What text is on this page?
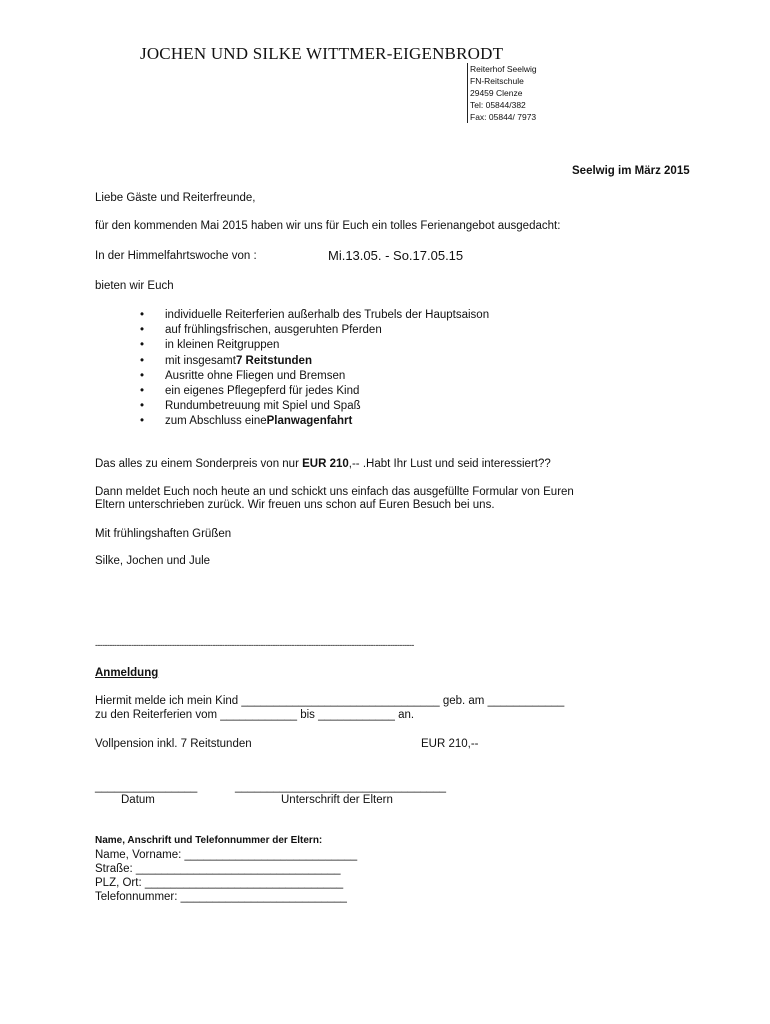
JOCHEN UND SILKE WITTMER-EIGENBRODT
Reiterhof Seelwig
FN-Reitschule
29459 Clenze
Tel: 05844/382
Fax: 05844/ 7973
Seelwig im März 2015
Liebe Gäste und Reiterfreunde,
für den kommenden Mai 2015 haben wir uns für Euch ein tolles Ferienangebot ausgedacht:
In der Himmelfahrtswoche von :	Mi.13.05. - So.17.05.15
bieten wir Euch
•	individuelle Reiterferien außerhalb des Trubels der Hauptsaison
•	auf frühlingsfrischen, ausgeruhten Pferden
•	in kleinen Reitgruppen
•	mit insgesamt 7 Reitstunden
•	Ausritte ohne Fliegen und Bremsen
•	ein eigenes Pflegepferd für jedes Kind
•	Rundumbetreuung mit Spiel und Spaß
•	zum Abschluss eine Planwagenfahrt
Das alles zu einem Sonderpreis von nur EUR 210,-- .Habt Ihr Lust und seid interessiert??
Dann meldet Euch noch heute an und schickt uns einfach das ausgefüllte Formular von Euren
Eltern unterschrieben zurück. Wir freuen uns schon auf Euren Besuch bei uns.
Mit frühlingshaften Grüßen
Silke, Jochen und Jule
-------------------------------------------------------------------------------------------------------------------------------------
Anmeldung
Hiermit melde ich mein Kind _______________________________ geb. am ____________
zu den Reiterferien vom ____________ bis ____________ an.
Vollpension inkl. 7 Reitstunden	EUR 210,--
________________	_________________________________
Datum	Unterschrift der Eltern
Name, Anschrift und Telefonnummer der Eltern:
Name, Vorname: ___________________________
Straße: ________________________________
PLZ, Ort: _______________________________
Telefonnummer: __________________________
